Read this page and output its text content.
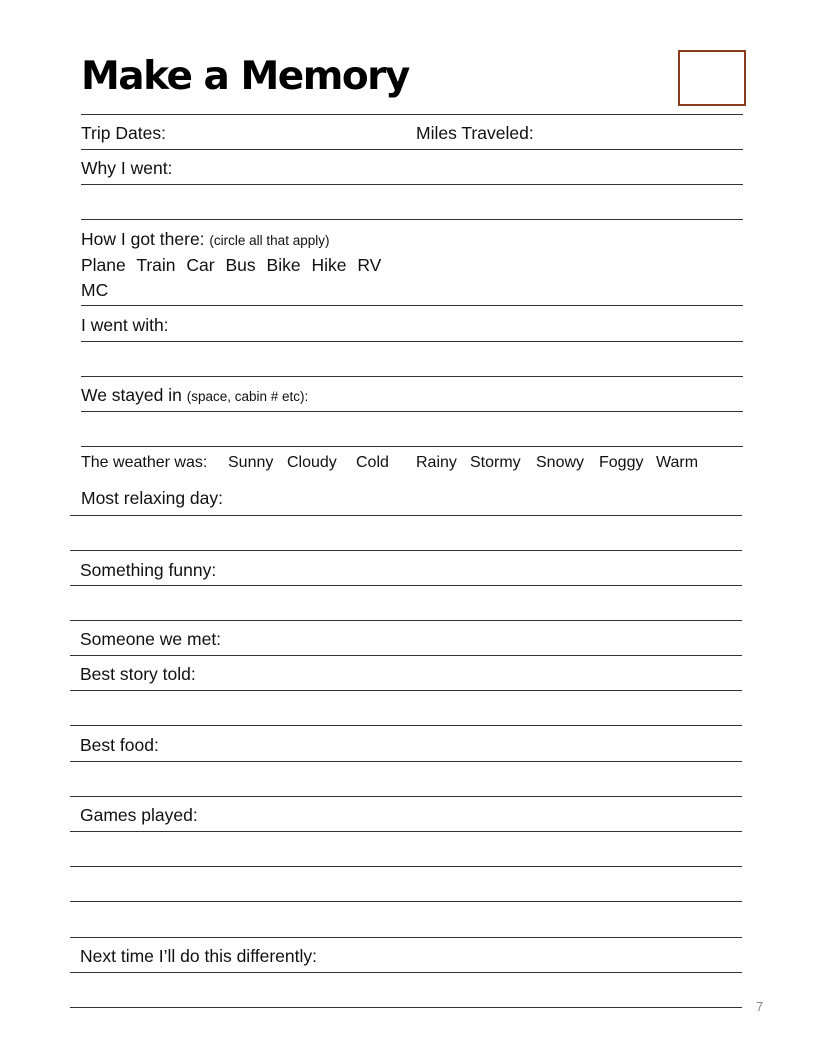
Make a Memory
Trip Dates:	Miles Traveled:
Why I went:
How I got there: (circle all that apply)
Plane Train Car Bus Bike Hike RV
MC
I went with:
We stayed in (space, cabin # etc):
The weather was: Sunny Cloudy Cold Rainy Stormy Snowy Foggy Warm
Most relaxing day:
Something funny:
Someone we met:
Best story told:
Best food:
Games played:
Next time I’ll do this differently:
7
